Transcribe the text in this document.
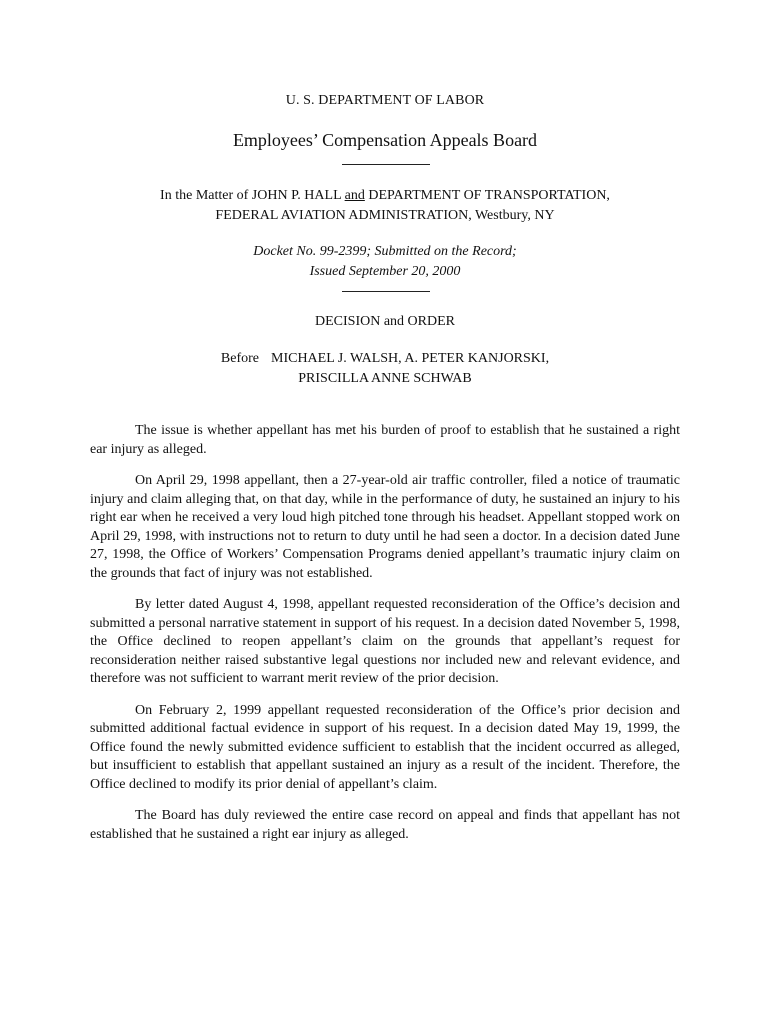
U. S. DEPARTMENT OF LABOR
Employees’ Compensation Appeals Board
In the Matter of JOHN P. HALL and DEPARTMENT OF TRANSPORTATION,
FEDERAL AVIATION ADMINISTRATION, Westbury, NY
Docket No. 99-2399; Submitted on the Record;
Issued September 20, 2000
DECISION and ORDER
Before MICHAEL J. WALSH, A. PETER KANJORSKI,
PRISCILLA ANNE SCHWAB

The issue is whether appellant has met his burden of proof to establish that he sustained a right ear injury as alleged.

On April 29, 1998 appellant, then a 27-year-old air traffic controller, filed a notice of traumatic injury and claim alleging that, on that day, while in the performance of duty, he sustained an injury to his right ear when he received a very loud high pitched tone through his headset. Appellant stopped work on April 29, 1998, with instructions not to return to duty until he had seen a doctor. In a decision dated June 27, 1998, the Office of Workers’ Compensation Programs denied appellant’s traumatic injury claim on the grounds that fact of injury was not established.

By letter dated August 4, 1998, appellant requested reconsideration of the Office’s decision and submitted a personal narrative statement in support of his request. In a decision dated November 5, 1998, the Office declined to reopen appellant’s claim on the grounds that appellant’s request for reconsideration neither raised substantive legal questions nor included new and relevant evidence, and therefore was not sufficient to warrant merit review of the prior decision.

On February 2, 1999 appellant requested reconsideration of the Office’s prior decision and submitted additional factual evidence in support of his request. In a decision dated May 19, 1999, the Office found the newly submitted evidence sufficient to establish that the incident occurred as alleged, but insufficient to establish that appellant sustained an injury as a result of the incident. Therefore, the Office declined to modify its prior denial of appellant’s claim.

The Board has duly reviewed the entire case record on appeal and finds that appellant has not established that he sustained a right ear injury as alleged.
